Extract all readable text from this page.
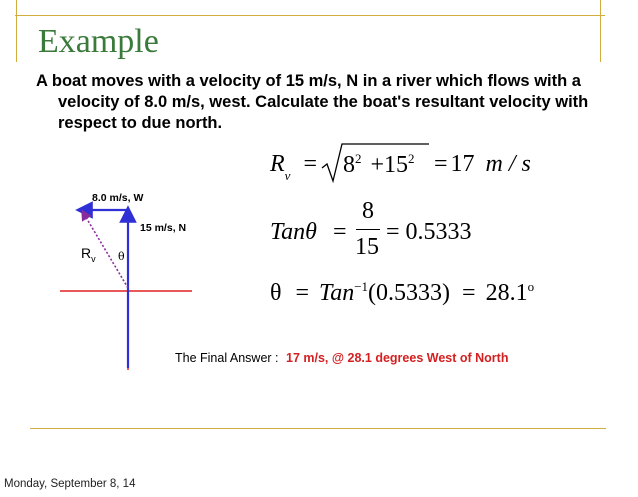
Example

A boat moves with a velocity of 15 m/s, N in a river which flows with a velocity of 8.0 m/s, west. Calculate the boat's resultant velocity with respect to due north.

8.0 m/s, W
15 m/s, N
$R_v$ θ
$R_v = 8^2 +15^2 = 17$ m / s
Tanθ =
8
15
= 0.5333
$\theta = Tan^{-1}(0.5333) = 28.1^o$
The Final Answer : 17 m/s, @ 28.1 degrees West of North
Monday, September 8, 14
